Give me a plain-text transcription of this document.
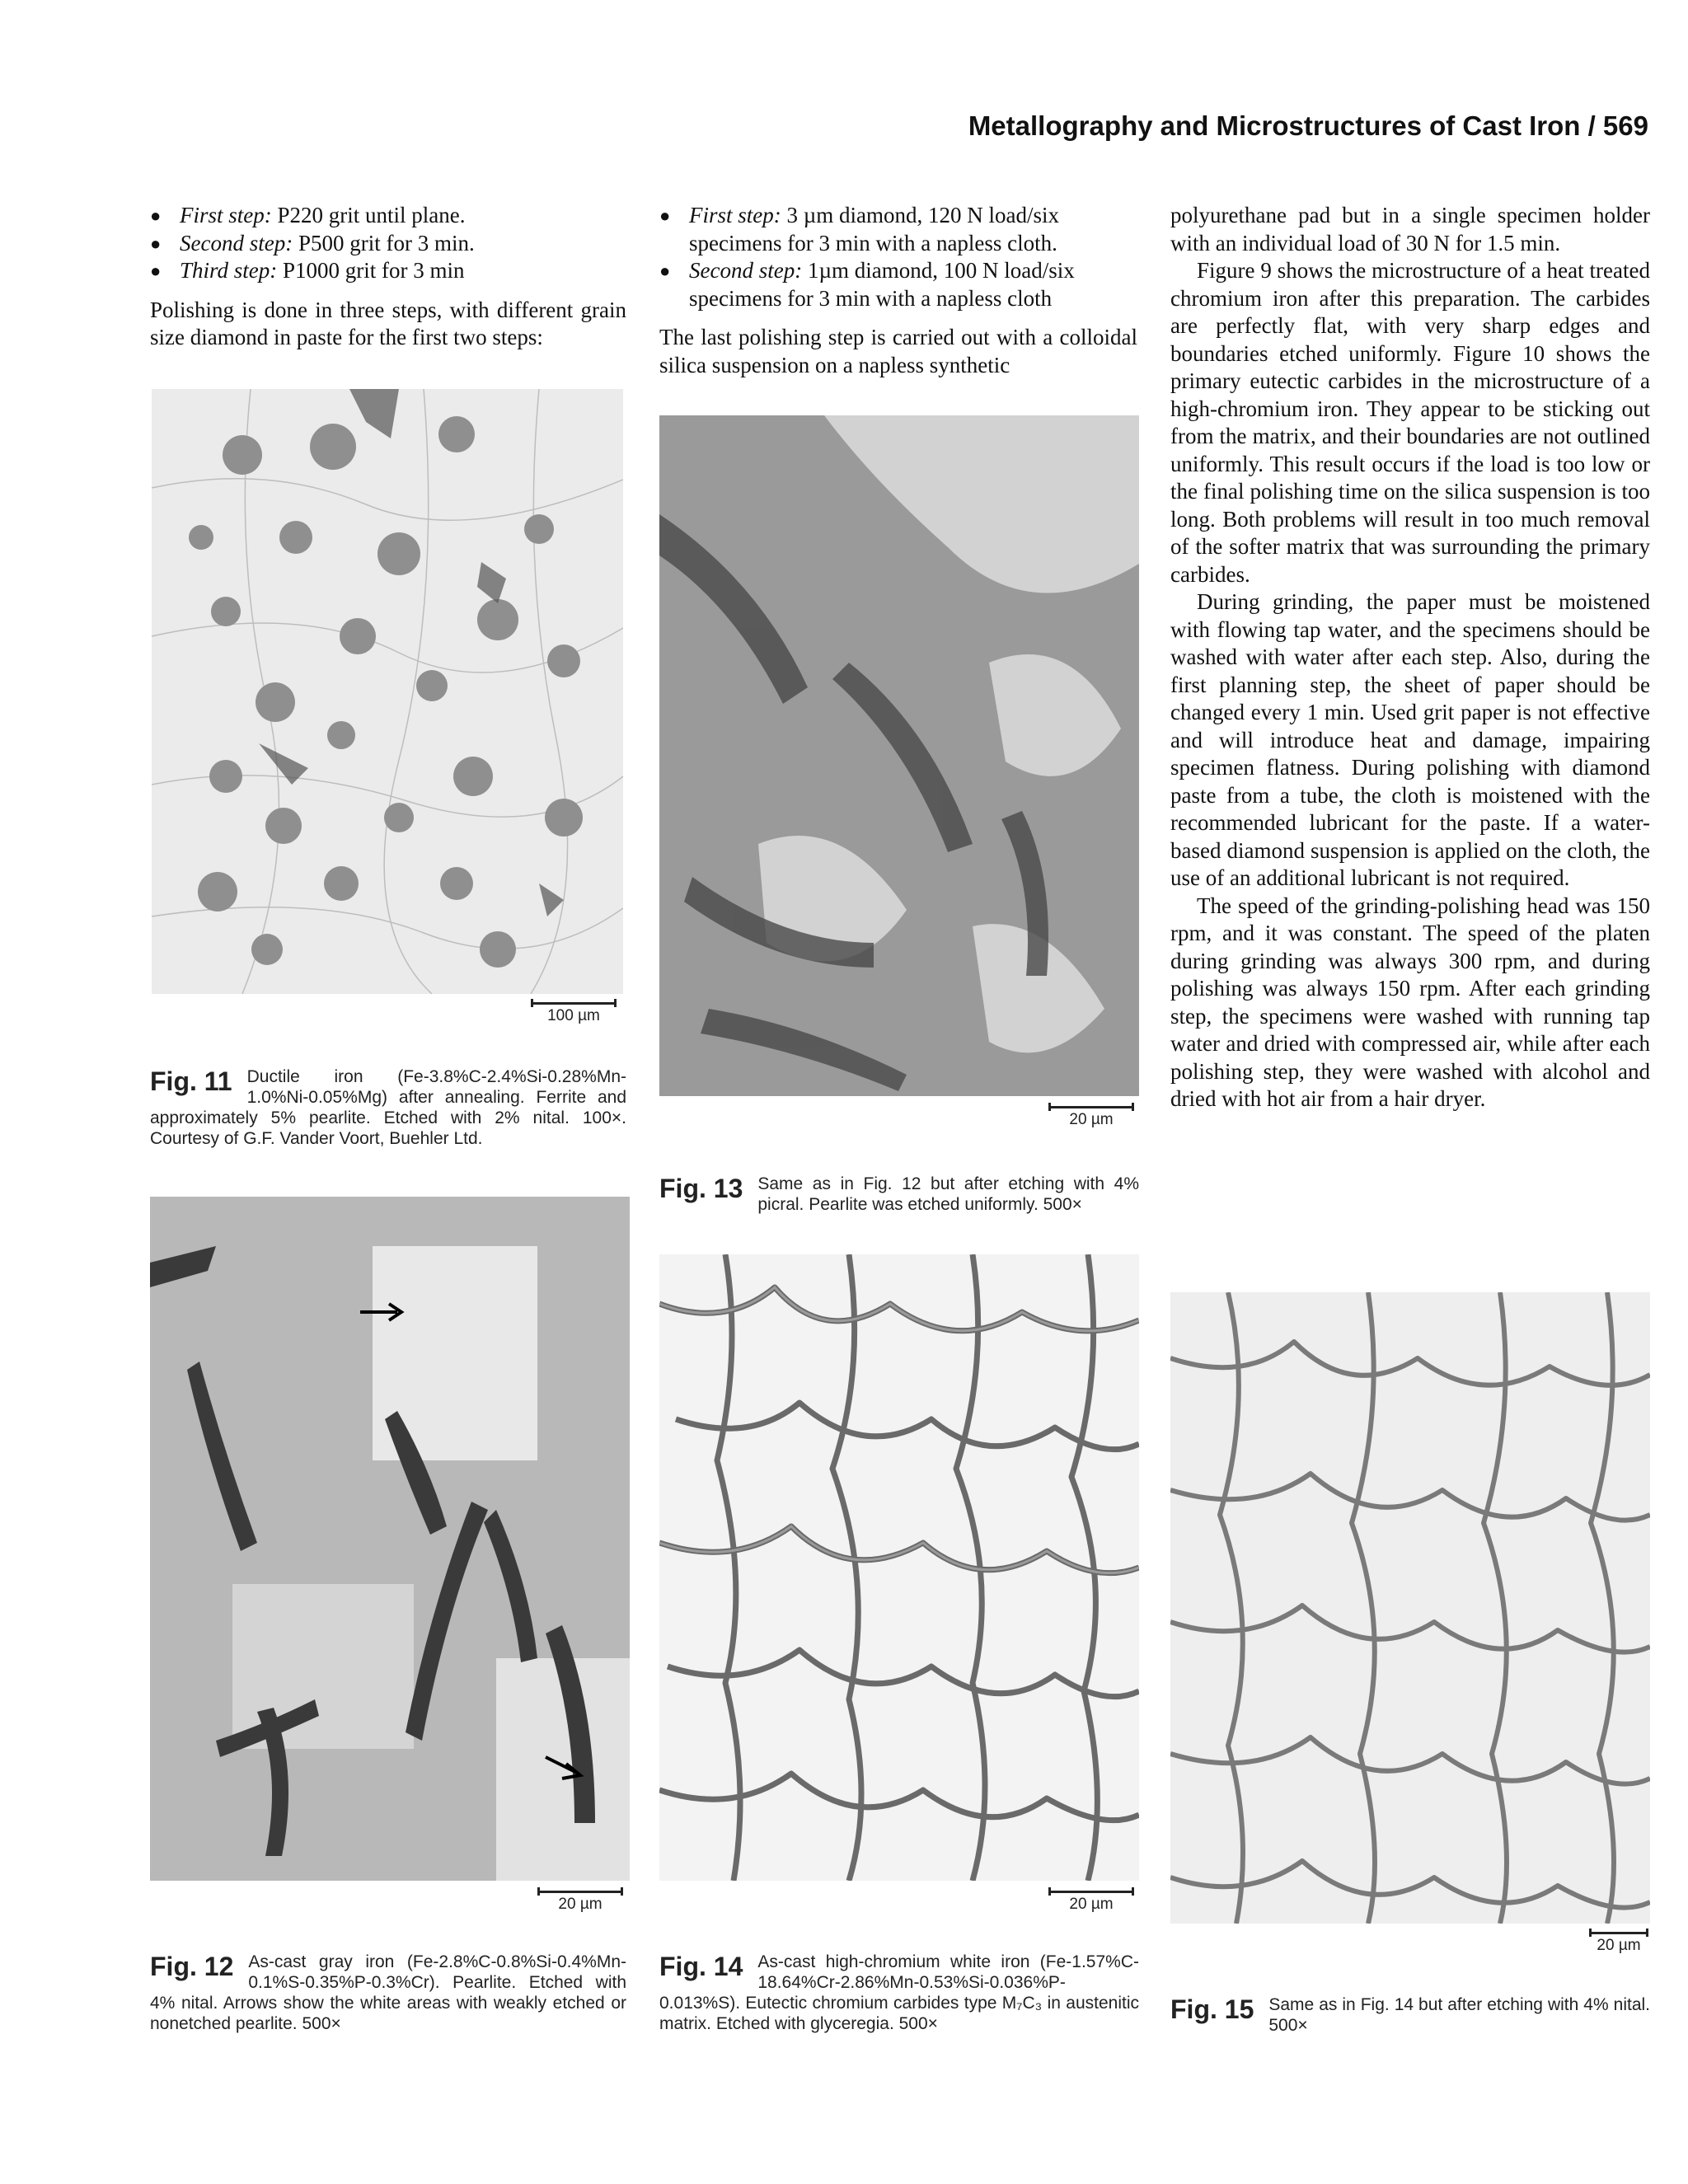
Metallography and Microstructures of Cast Iron / 569
● First step: P220 grit until plane.
● Second step: P500 grit for 3 min.
● Third step: P1000 grit for 3 min

Polishing is done in three steps, with different grain size diamond in paste for the first two steps:

● First step: 3 µm diamond, 120 N load/six specimens for 3 min with a napless cloth.
● Second step: 1µm diamond, 100 N load/six specimens for 3 min with a napless cloth

The last polishing step is carried out with a colloidal silica suspension on a napless synthetic

polyurethane pad but in a single specimen holder with an individual load of 30 N for 1.5 min.

Figure 9 shows the microstructure of a heat treated chromium iron after this preparation. The carbides are perfectly flat, with very sharp edges and boundaries etched uniformly. Figure 10 shows the primary eutectic carbides in the microstructure of a high-chromium iron. They appear to be sticking out from the matrix, and their boundaries are not outlined uniformly. This result occurs if the load is too low or the final polishing time on the silica suspension is too long. Both problems will result in too much removal of the softer matrix that was surrounding the primary carbides.

During grinding, the paper must be moistened with flowing tap water, and the specimens should be washed with water after each step. Also, during the first planning step, the sheet of paper should be changed every 1 min. Used grit paper is not effective and will introduce heat and damage, impairing specimen flatness. During polishing with diamond paste from a tube, the cloth is moistened with the recommended lubricant for the paste. If a water-based diamond suspension is applied on the cloth, the use of an additional lubricant is not required.

The speed of the grinding-polishing head was 150 rpm, and it was constant. The speed of the platen during grinding was always 300 rpm, and during polishing was always 150 rpm. After each grinding step, the specimens were washed with running tap water and dried with compressed air, while after each polishing step, they were washed with alcohol and dried with hot air from a hair dryer.

100 µm
Fig. 11 Ductile iron (Fe-3.8%C-2.4%Si-0.28%Mn-1.0%Ni-0.05%Mg) after annealing. Ferrite and approximately 5% pearlite. Etched with 2% nital. 100×. Courtesy of G.F. Vander Voort, Buehler Ltd.
20 µm
Fig. 12 As-cast gray iron (Fe-2.8%C-0.8%Si-0.4%Mn-0.1%S-0.35%P-0.3%Cr). Pearlite. Etched with 4% nital. Arrows show the white areas with weakly etched or nonetched pearlite. 500×
20 µm
Fig. 13 Same as in Fig. 12 but after etching with 4% picral. Pearlite was etched uniformly. 500×
20 µm
Fig. 14 As-cast high-chromium white iron (Fe-1.57%C-18.64%Cr-2.86%Mn-0.53%Si-0.036%P-0.013%S). Eutectic chromium carbides type M₇C₃ in austenitic matrix. Etched with glyceregia. 500×
20 µm
Fig. 15 Same as in Fig. 14 but after etching with 4% nital. 500×
